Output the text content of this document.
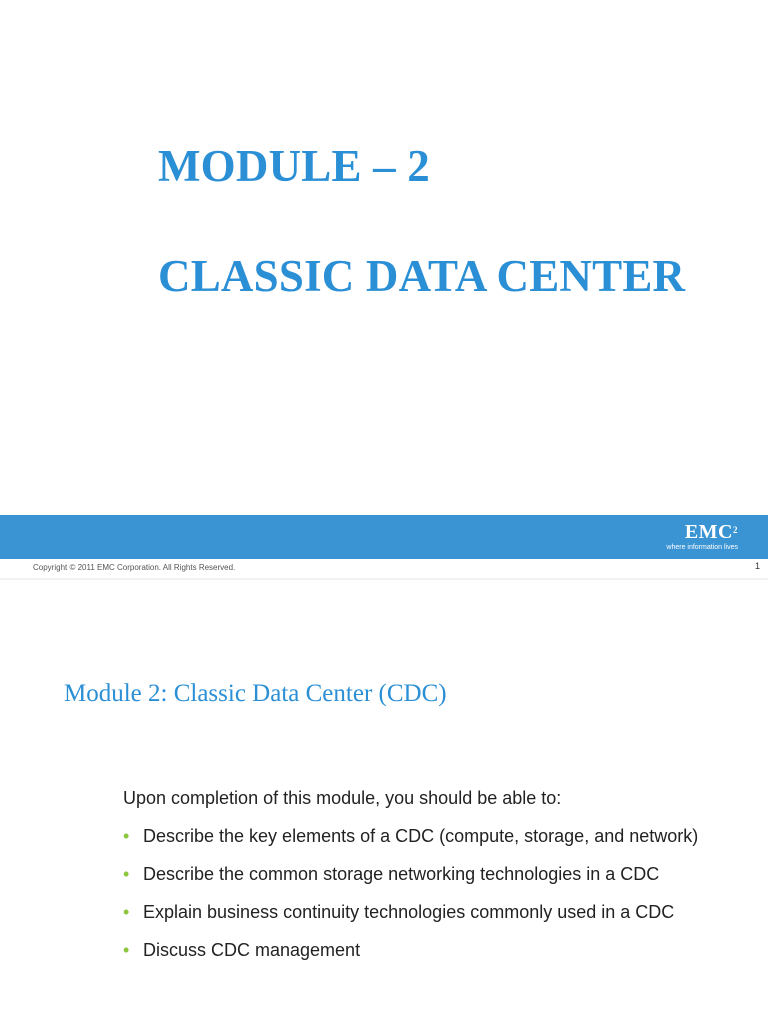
MODULE – 2
CLASSIC DATA CENTER
EMC$^2$
where information lives
Copyright © 2011 EMC Corporation. All Rights Reserved.	1
Module 2: Classic Data Center (CDC)

Upon completion of this module, you should be able to:

• Describe the key elements of a CDC (compute, storage, and network)
• Describe the common storage networking technologies in a CDC
• Explain business continuity technologies commonly used in a CDC
• Discuss CDC management
